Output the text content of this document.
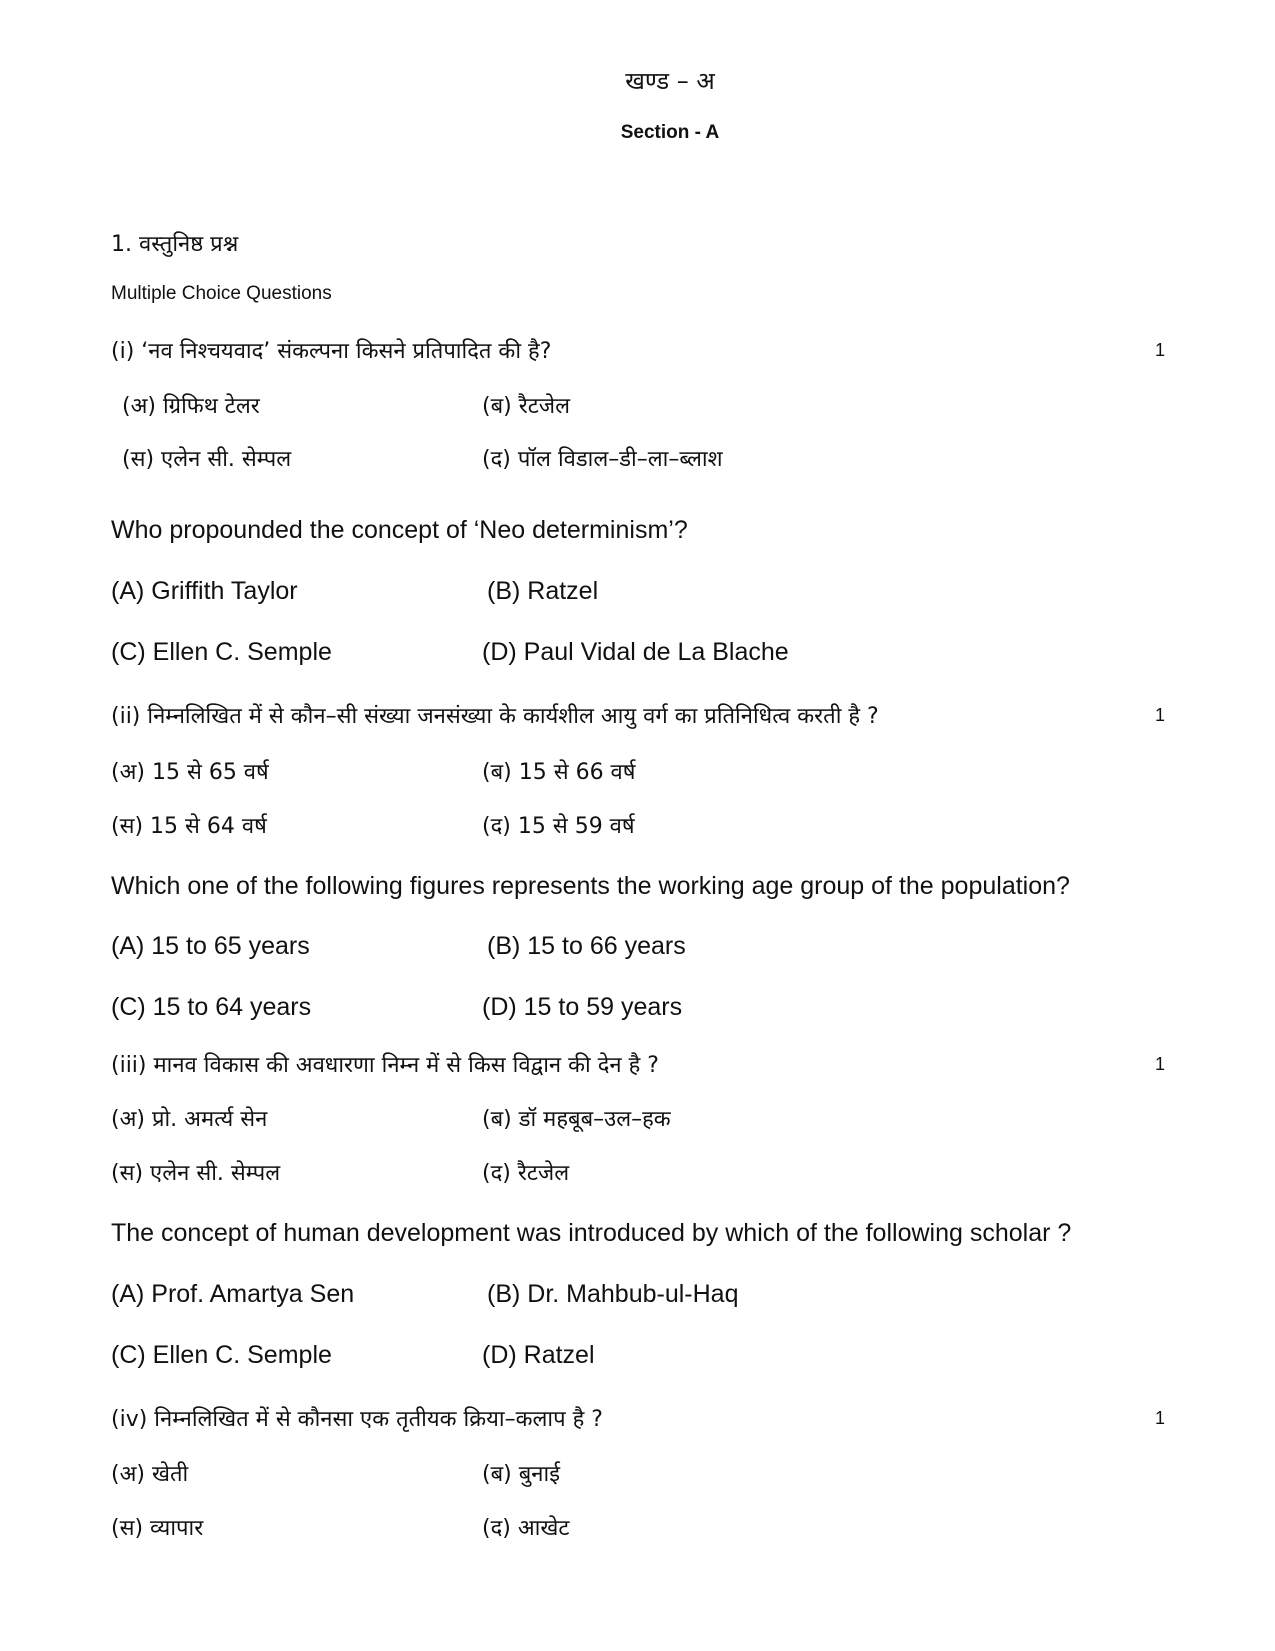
खण्ड – अ
Section - A
1. वस्तुनिष्ठ प्रश्न
Multiple Choice Questions
(i) ‘नव निश्चयवाद’ संकल्पना किसने प्रतिपादित की है?	1
(अ) ग्रिफिथ टेलर	(ब) रैटजेल
(स) एलेन सी. सेम्पल	(द) पॉल विडाल–डी–ला–ब्लाश
Who propounded the concept of ‘Neo determinism’?
(A) Griffith Taylor	(B) Ratzel
(C) Ellen C. Semple	(D) Paul Vidal de La Blache
(ii) निम्नलिखित में से कौन–सी संख्या जनसंख्या के कार्यशील आयु वर्ग का प्रतिनिधित्व करती है ?	1
(अ) 15 से 65 वर्ष	(ब) 15 से 66 वर्ष
(स) 15 से 64 वर्ष	(द) 15 से 59 वर्ष
Which one of the following figures represents the working age group of the population?
(A) 15 to 65 years	(B) 15 to 66 years
(C) 15 to 64 years	(D) 15 to 59 years
(iii) मानव विकास की अवधारणा निम्न में से किस विद्वान की देन है ?	1
(अ) प्रो. अमर्त्य सेन	(ब) डॉ महबूब–उल–हक
(स) एलेन सी. सेम्पल	(द) रैटजेल
The concept of human development was introduced by which of the following scholar ?
(A) Prof. Amartya Sen	(B) Dr. Mahbub-ul-Haq
(C) Ellen C. Semple	(D) Ratzel
(iv) निम्नलिखित में से कौनसा एक तृतीयक क्रिया–कलाप है ?	1
(अ) खेती	(ब) बुनाई
(स) व्यापार	(द) आखेट
